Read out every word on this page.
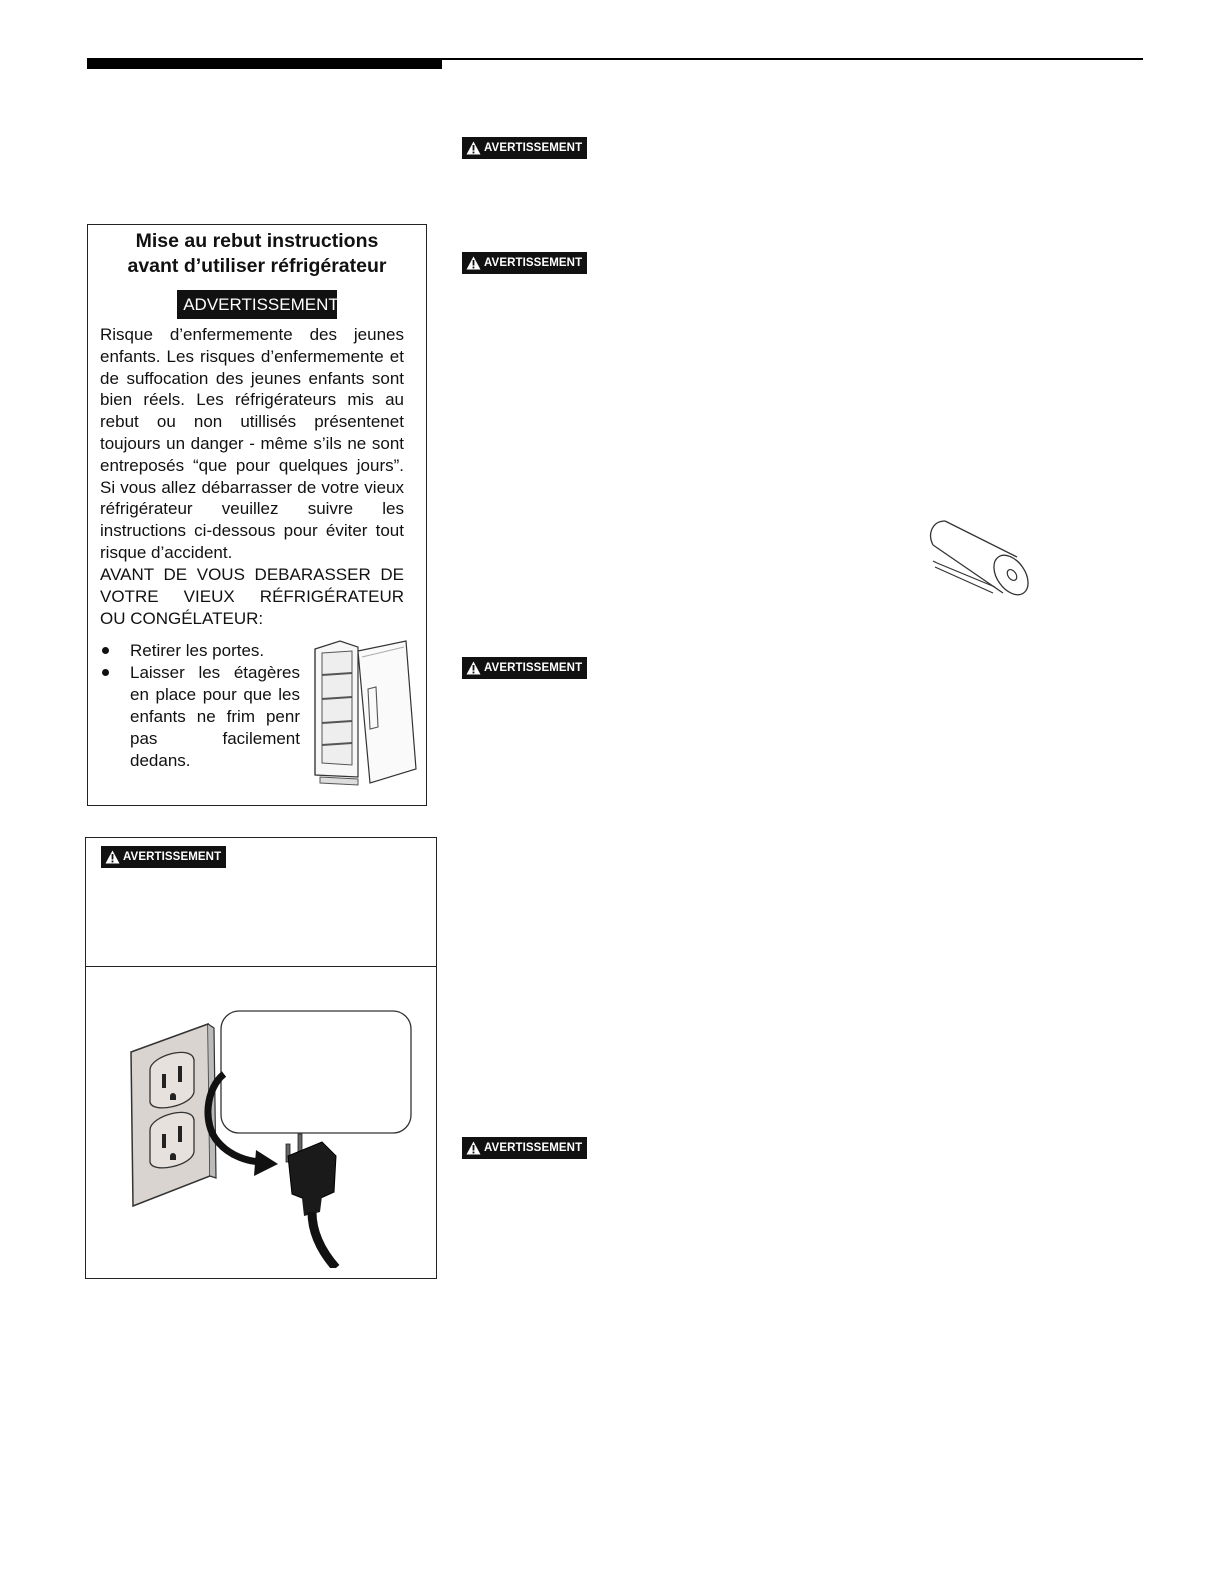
AVERTISSEMENT
AVERTISSEMENT
AVERTISSEMENT
AVERTISSEMENT
Mise au rebut instructions
avant d’utiliser réfrigérateur
ADVERTISSEMENT
Risque d’enfermemente des jeunes enfants. Les risques d’enfermemente et de suffocation des jeunes enfants sont bien réels. Les réfrigérateurs mis au rebut ou non utillisés présentenet toujours un danger - même s’ils ne sont entreposés “que pour quelques jours”. Si vous allez débarrasser de votre vieux réfrigérateur veuillez suivre les instructions ci-dessous pour éviter tout risque d’accident.
AVANT DE VOUS DEBARASSER DE
VOTRE VIEUX RÉFRIGÉRATEUR
OU CONGÉLATEUR:
Retirer les portes.
Laisser les étagères en place pour que les enfants ne frim penr pas facilement dedans.
AVERTISSEMENT
